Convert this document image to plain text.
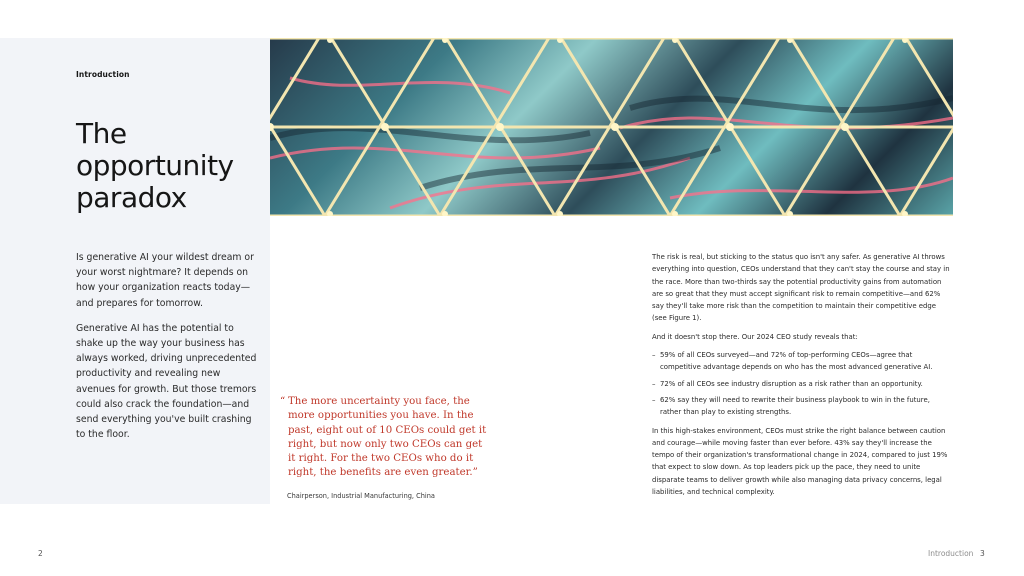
Introduction
The opportunity paradox

Is generative AI your wildest dream or your worst nightmare? It depends on how your organization reacts today—and prepares for tomorrow.

Generative AI has the potential to shake up the way your business has always worked, driving unprecedented productivity and revealing new avenues for growth. But those tremors could also crack the foundation—and send everything you've built crashing to the floor.

“ The more uncertainty you face, the more opportunities you have. In the past, eight out of 10 CEOs could get it right, but now only two CEOs can get it right. For the two CEOs who do it right, the benefits are even greater.”
Chairperson, Industrial Manufacturing, China

The risk is real, but sticking to the status quo isn't any safer. As generative AI throws everything into question, CEOs understand that they can't stay the course and stay in the race. More than two-thirds say the potential productivity gains from automation are so great that they must accept significant risk to remain competitive—and 62% say they'll take more risk than the competition to maintain their competitive edge (see Figure 1).

And it doesn't stop there. Our 2024 CEO study reveals that:

– 59% of all CEOs surveyed—and 72% of top-performing CEOs—agree that competitive advantage depends on who has the most advanced generative AI.
– 72% of all CEOs see industry disruption as a risk rather than an opportunity.
– 62% say they will need to rewrite their business playbook to win in the future, rather than play to existing strengths.

In this high-stakes environment, CEOs must strike the right balance between caution and courage—while moving faster than ever before. 43% say they'll increase the tempo of their organization's transformational change in 2024, compared to just 19% that expect to slow down. As top leaders pick up the pace, they need to unite disparate teams to deliver growth while also managing data privacy concerns, legal liabilities, and technical complexity.

2	Introduction 3
